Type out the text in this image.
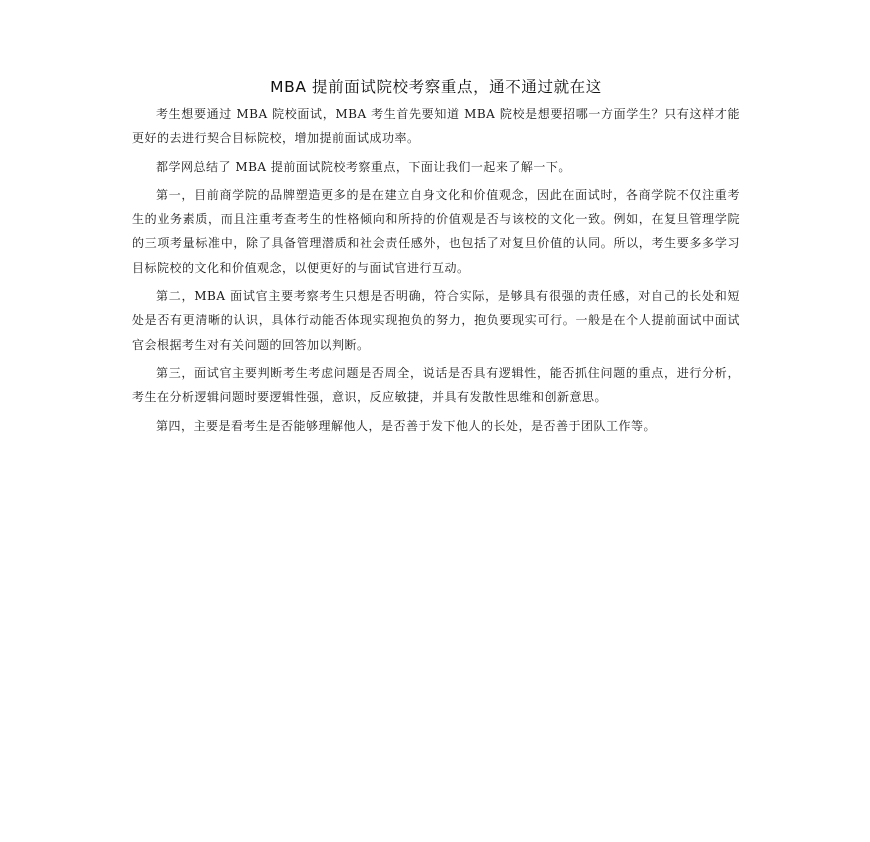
MBA 提前面试院校考察重点，通不通过就在这

考生想要通过 MBA 院校面试，MBA 考生首先要知道 MBA 院校是想要招哪一方面学生？只有这样才能更好的去进行契合目标院校，增加提前面试成功率。

都学网总结了 MBA 提前面试院校考察重点，下面让我们一起来了解一下。

第一，目前商学院的品牌塑造更多的是在建立自身文化和价值观念，因此在面试时，各商学院不仅注重考生的业务素质，而且注重考查考生的性格倾向和所持的价值观是否与该校的文化一致。例如，在复旦管理学院的三项考量标准中，除了具备管理潜质和社会责任感外，也包括了对复旦价值的认同。所以，考生要多多学习目标院校的文化和价值观念，以便更好的与面试官进行互动。

第二，MBA 面试官主要考察考生只想是否明确，符合实际，是够具有很强的责任感，对自己的长处和短处是否有更清晰的认识，具体行动能否体现实现抱负的努力，抱负要现实可行。一般是在个人提前面试中面试官会根据考生对有关问题的回答加以判断。

第三，面试官主要判断考生考虑问题是否周全，说话是否具有逻辑性，能否抓住问题的重点，进行分析，考生在分析逻辑问题时要逻辑性强，意识，反应敏捷，并具有发散性思维和创新意思。

第四，主要是看考生是否能够理解他人，是否善于发下他人的长处，是否善于团队工作等。
